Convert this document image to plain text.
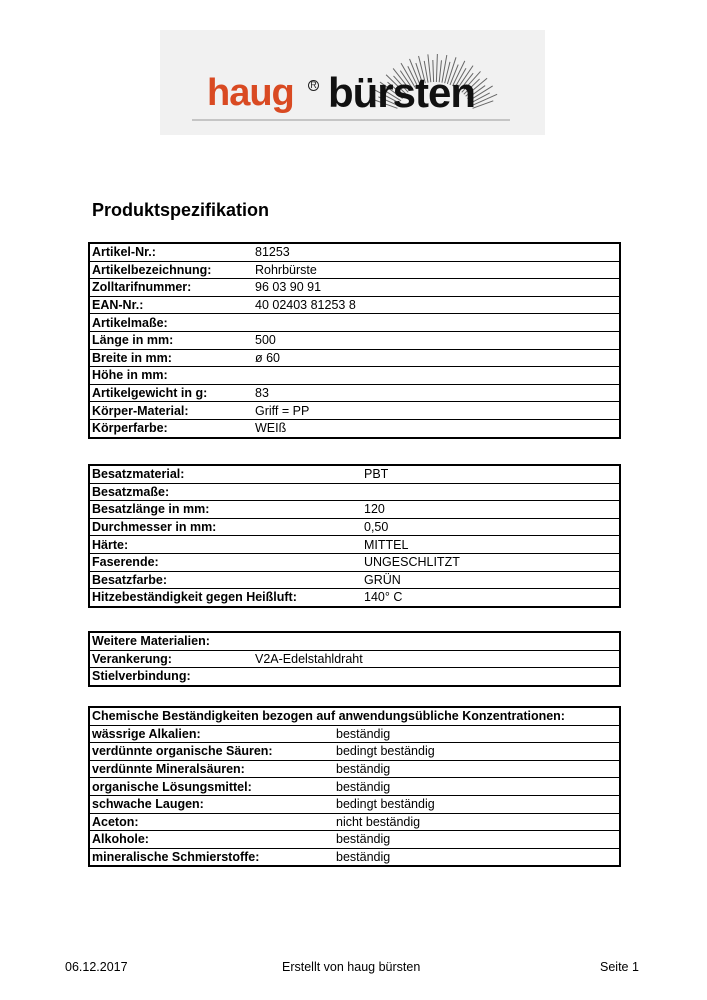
haug R bürsten
Produktspezifikation
Artikel-Nr.:	81253
Artikelbezeichnung:	Rohrbürste
Zolltarifnummer:	96 03 90 91
EAN-Nr.:	40 02403 81253 8
Artikelmaße:	
Länge in mm:	500
Breite in mm:	ø 60
Höhe in mm:	
Artikelgewicht in g:	83
Körper-Material:	Griff = PP
Körperfarbe:	WEIß
Besatzmaterial:	PBT
Besatzmaße:	
Besatzlänge in mm:	120
Durchmesser in mm:	0,50
Härte:	MITTEL
Faserende:	UNGESCHLITZT
Besatzfarbe:	GRÜN
Hitzebeständigkeit gegen Heißluft:	140° C
Weitere Materialien:	
Verankerung:	V2A-Edelstahldraht
Stielverbindung:	
Chemische Beständigkeiten bezogen auf anwendungsübliche Konzentrationen:	
wässrige Alkalien:	beständig
verdünnte organische Säuren:	bedingt beständig
verdünnte Mineralsäuren:	beständig
organische Lösungsmittel:	beständig
schwache Laugen:	bedingt beständig
Aceton:	nicht beständig
Alkohole:	beständig
mineralische Schmierstoffe:	beständig
06.12.2017	Erstellt von haug bürsten	Seite 1
